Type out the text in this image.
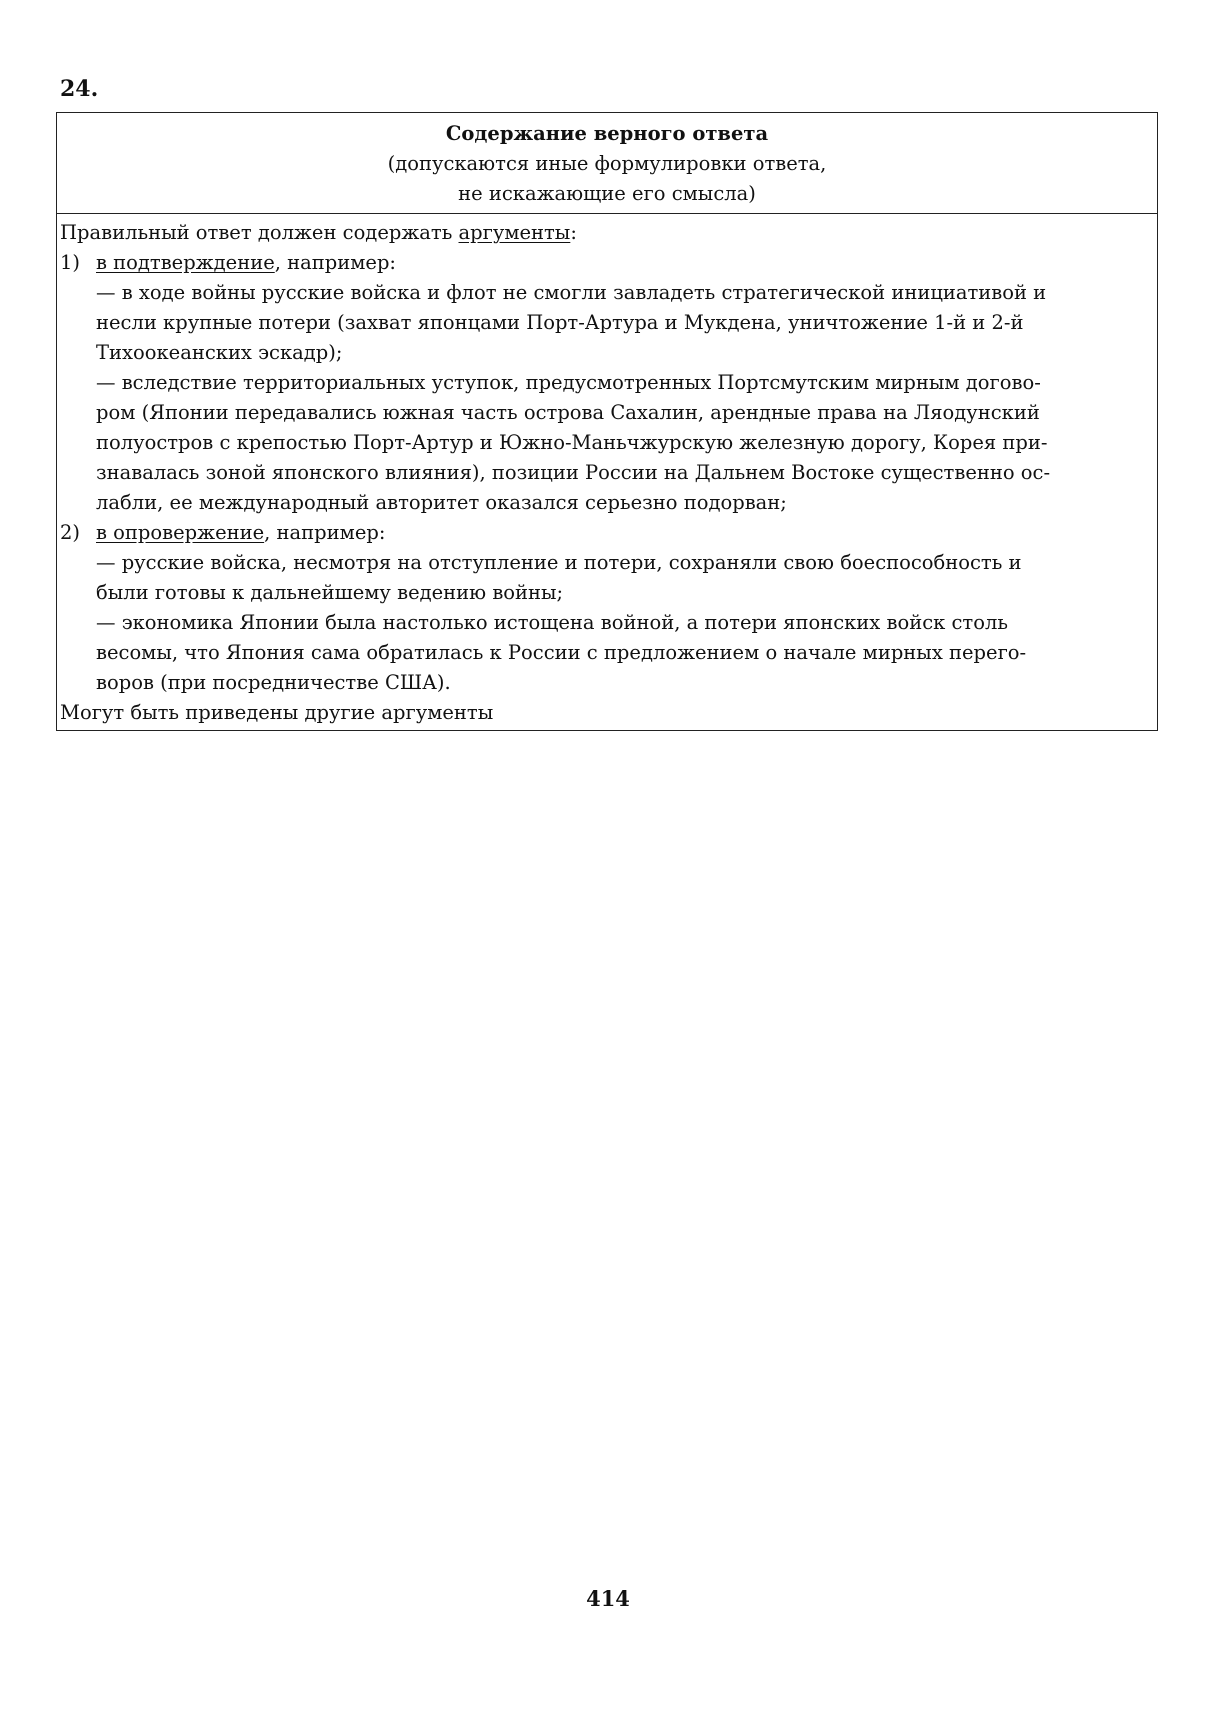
24.
Содержание верного ответа
(допускаются иные формулировки ответа,
не искажающие его смысла)
Правильный ответ должен содержать аргументы:
1) в подтверждение, например:
— в ходе войны русские войска и флот не смогли завладеть стратегической инициативой и
несли крупные потери (захват японцами Порт-Артура и Мукдена, уничтожение 1-й и 2-й
Тихоокеанских эскадр);
— вследствие территориальных уступок, предусмотренных Портсмутским мирным догово-
ром (Японии передавались южная часть острова Сахалин, арендные права на Ляодунский
полуостров с крепостью Порт-Артур и Южно-Маньчжурскую железную дорогу, Корея при-
знавалась зоной японского влияния), позиции России на Дальнем Востоке существенно ос-
лабли, ее международный авторитет оказался серьезно подорван;
2) в опровержение, например:
— русские войска, несмотря на отступление и потери, сохраняли свою боеспособность и
были готовы к дальнейшему ведению войны;
— экономика Японии была настолько истощена войной, а потери японских войск столь
весомы, что Япония сама обратилась к России с предложением о начале мирных перего-
воров (при посредничестве США).
Могут быть приведены другие аргументы
414
